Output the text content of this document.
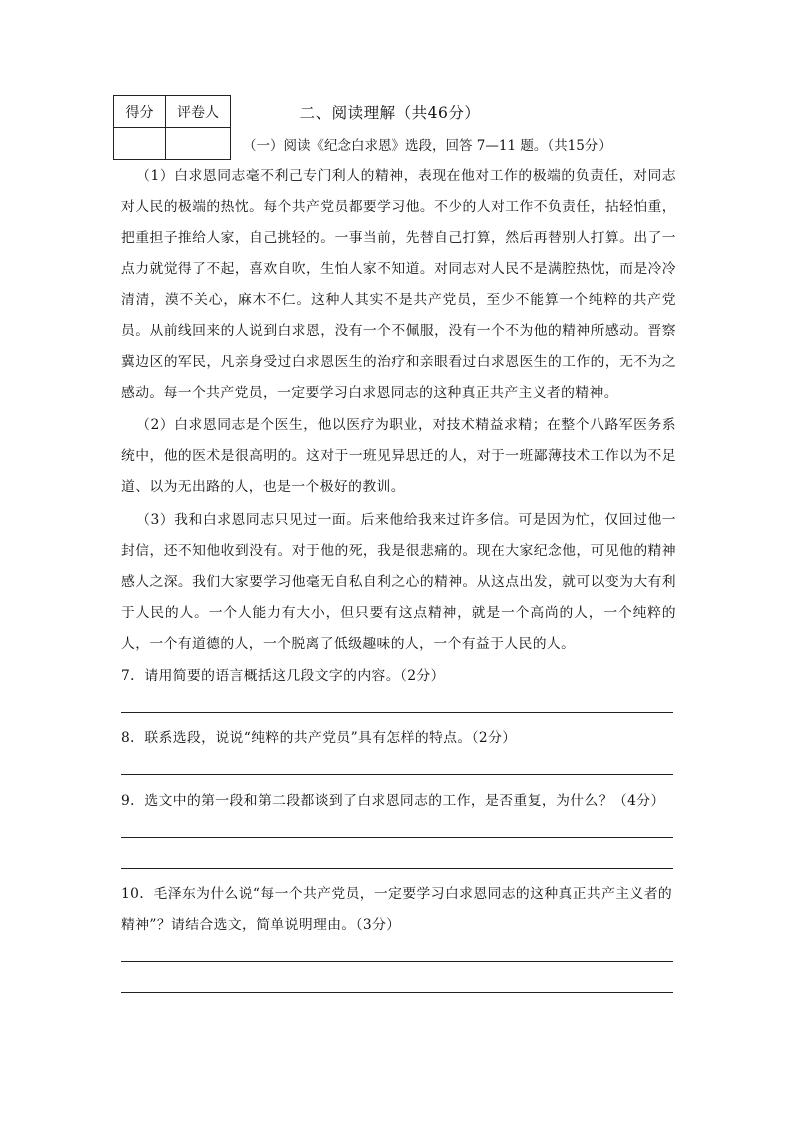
得分	评卷人
		二、阅读理解（共46分）
（一）阅读《纪念白求恩》选段，回答 7—11 题。（共15分）

（1）白求恩同志毫不利己专门利人的精神，表现在他对工作的极端的负责任，对同志对人民的极端的热忱。每个共产党员都要学习他。不少的人对工作不负责任，拈轻怕重，把重担子推给人家，自己挑轻的。一事当前，先替自己打算，然后再替别人打算。出了一点力就觉得了不起，喜欢自吹，生怕人家不知道。对同志对人民不是满腔热忱，而是冷冷清清，漠不关心，麻木不仁。这种人其实不是共产党员，至少不能算一个纯粹的共产党员。从前线回来的人说到白求恩，没有一个不佩服，没有一个不为他的精神所感动。晋察冀边区的军民，凡亲身受过白求恩医生的治疗和亲眼看过白求恩医生的工作的，无不为之感动。每一个共产党员，一定要学习白求恩同志的这种真正共产主义者的精神。

（2）白求恩同志是个医生，他以医疗为职业，对技术精益求精；在整个八路军医务系统中，他的医术是很高明的。这对于一班见异思迁的人，对于一班鄙薄技术工作以为不足道、以为无出路的人，也是一个极好的教训。

（3）我和白求恩同志只见过一面。后来他给我来过许多信。可是因为忙，仅回过他一封信，还不知他收到没有。对于他的死，我是很悲痛的。现在大家纪念他，可见他的精神感人之深。我们大家要学习他毫无自私自利之心的精神。从这点出发，就可以变为大有利于人民的人。一个人能力有大小，但只要有这点精神，就是一个高尚的人，一个纯粹的人，一个有道德的人，一个脱离了低级趣味的人，一个有益于人民的人。

7．请用简要的语言概括这几段文字的内容。（2分）

8．联系选段，说说“纯粹的共产党员”具有怎样的特点。（2分）

9．选文中的第一段和第二段都谈到了白求恩同志的工作，是否重复，为什么？（4分）

10．毛泽东为什么说“每一个共产党员，一定要学习白求恩同志的这种真正共产主义者的精神”？请结合选文，简单说明理由。（3分）
